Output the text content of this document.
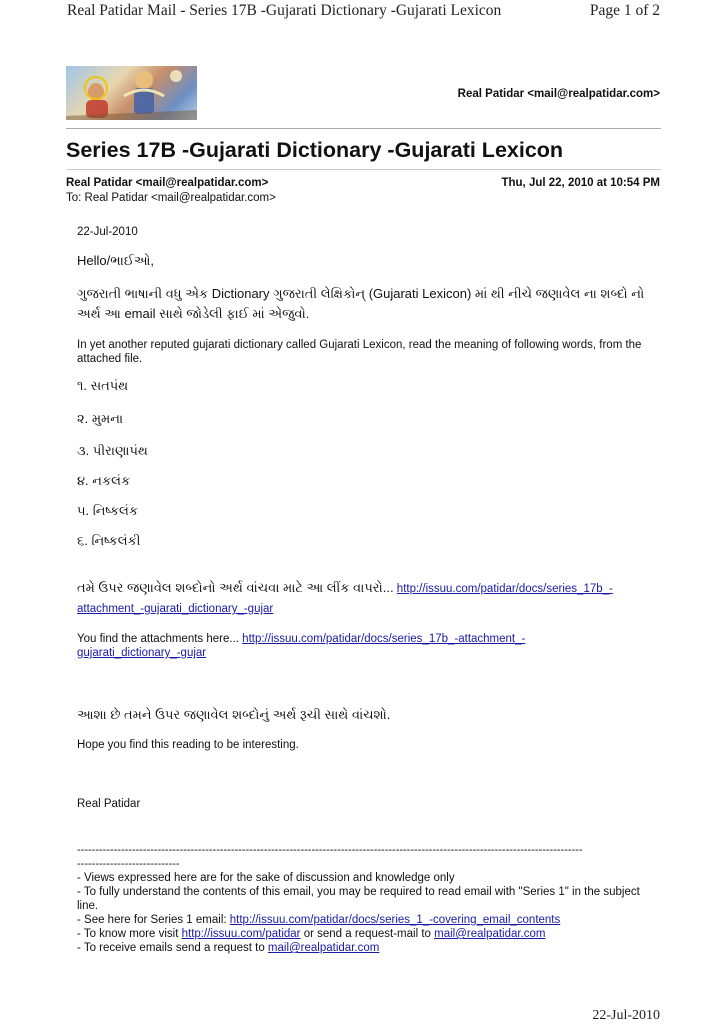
Real Patidar Mail - Series 17B -Gujarati Dictionary -Gujarati Lexicon	Page 1 of 2
Real Patidar <mail@realpatidar.com>
Series 17B -Gujarati Dictionary -Gujarati Lexicon
Real Patidar <mail@realpatidar.com>	Thu, Jul 22, 2010 at 10:54 PM
To: Real Patidar <mail@realpatidar.com>
22-Jul-2010
Hello/ભાઈઓ,
ગુજરાતી ભાષાની વધુ એક Dictionary ગુજરાતી લેક્ષિકોન્ (Gujarati Lexicon) માં થી નીચે જણાવેલ ના શબ્દો નો
અર્થ આ email સાથે જોડેલી ફાઈ માં એજુવો.
In yet another reputed gujarati dictionary called Gujarati Lexicon, read the meaning of following words, from the attached file.
૧. સતપંથ
૨. મુમના
૩. પીરાણાપંથ
૪. નકલંક
૫. નિષ્કલંક
૬. નિષ્કલંકી
તમે ઉપર જણાવેલ શબ્દોનો અર્થ વાંચવા માટે આ લીંક વાપરો... http://issuu.com/patidar/docs/series_17b_-
attachment_-gujarati_dictionary_-gujar
You find the attachments here... http://issuu.com/patidar/docs/series_17b_-attachment_-
gujarati_dictionary_-gujar
આશા છે તમને ઉપર જણાવેલ શબ્દોનું અર્થ રૂચી સાથે વાંચશો.
Hope you find this reading to be interesting.
Real Patidar
------------------------------------------------------------------------------------------------------------------------------------------
----------------------------
- Views expressed here are for the sake of discussion and knowledge only
- To fully understand the contents of this email, you may be required to read email with "Series 1" in the subject line.
- See here for Series 1 email: http://issuu.com/patidar/docs/series_1_-covering_email_contents
- To know more visit http://issuu.com/patidar or send a request-mail to mail@realpatidar.com
- To receive emails send a request to mail@realpatidar.com
22-Jul-2010
